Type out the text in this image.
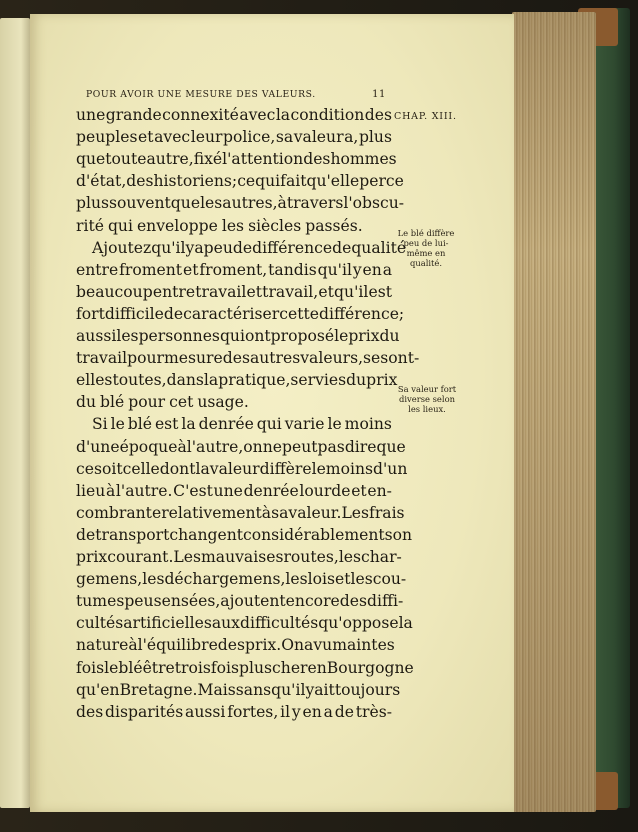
POUR AVOIR UNE MESURE DES VALEURS.	11
CHAP. XIII.
Le blé diffère
peu de lui-
même en
qualité.
Sa valeur fort
diverse selon
les lieux.
une grande connexité avec la condition des
peuples et avec leur police, sa valeur a, plus
que toute autre, fixé l'attention des hommes
d'état, des historiens; ce qui fait qu'elle perce
plus souvent que les autres, à travers l'obscu-
rité qui enveloppe les siècles passés.
Ajoutez qu'il y a peu de différence de qualité
entre froment et froment, tandis qu'il y en a
beaucoup entre travail et travail, et qu'il est
fort difficile de caractériser cette différence;
aussi les personnes qui ont proposé le prix du
travail pour mesure des autres valeurs, se sont-
elles toutes, dans la pratique, servies du prix
du blé pour cet usage.
Si le blé est la denrée qui varie le moins
d'une époque à l'autre, on ne peut pas dire que
ce soit celle dont la valeur diffère le moins d'un
lieu à l'autre. C'est une denrée lourde et en-
combrante relativement à sa valeur. Les frais
de transport changent considérablement son
prix courant. Les mauvaises routes, les char-
gemens, les déchargemens, les lois et les cou-
tumes peu sensées, ajoutent encore des diffi-
cultés artificielles aux difficultés qu'oppose la
nature à l'équilibre des prix. On a vu maintes
fois le blé être trois fois plus cher en Bourgogne
qu'en Bretagne. Mais sans qu'il y ait toujours
des disparités aussi fortes, il y en a de très-
